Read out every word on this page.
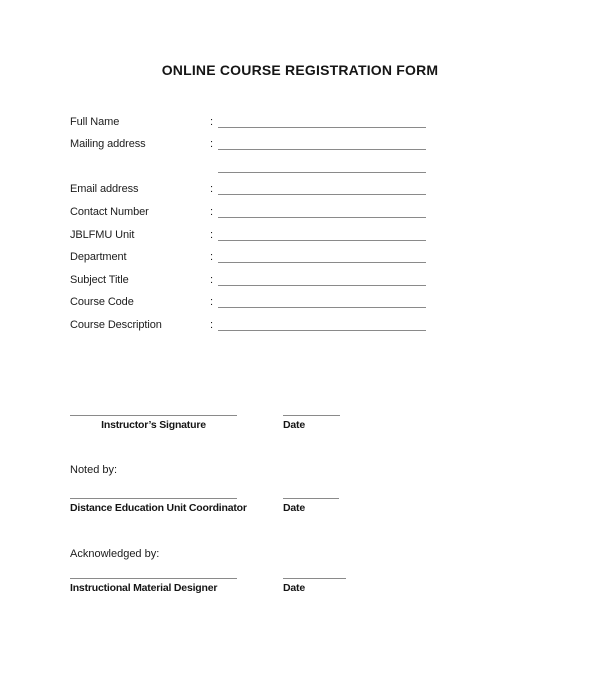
ONLINE COURSE REGISTRATION FORM
Full Name	:
Mailing address	:
Email address	:
Contact Number	:
JBLFMU Unit	:
Department	:
Subject Title	:
Course Code	:
Course Description	:
Instructor’s Signature	Date
Noted by:
Distance Education Unit Coordinator	Date
Acknowledged by:
Instructional Material Designer	Date
